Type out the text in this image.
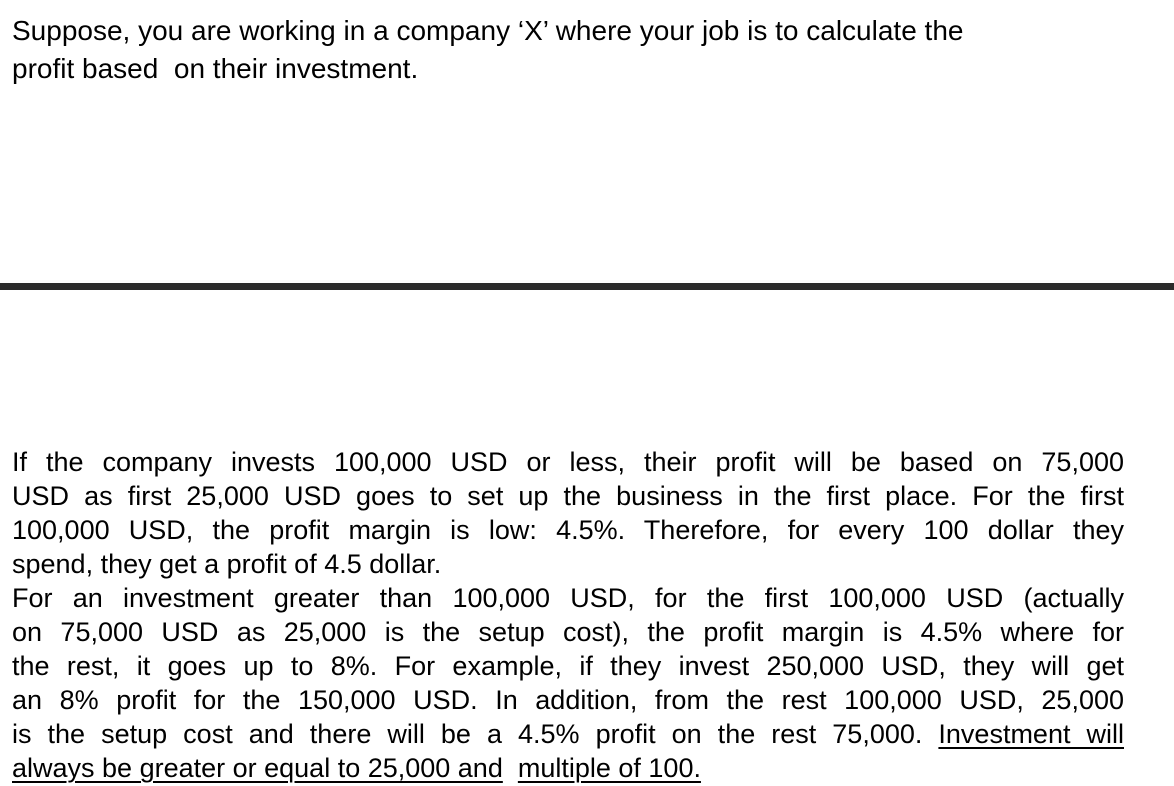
Suppose, you are working in a company ‘X’ where your job is to calculate the
profit based  on their investment.
If the company invests 100,000 USD or less, their profit will be based on 75,000
USD as first 25,000 USD goes to set up the business in the first place. For the first
100,000 USD, the profit margin is low: 4.5%. Therefore, for every 100 dollar they
spend, they get a profit of 4.5 dollar.
For an investment greater than 100,000 USD, for the first 100,000 USD (actually
on 75,000 USD as 25,000 is the setup cost), the profit margin is 4.5% where for
the rest, it goes up to 8%. For example, if they invest 250,000 USD, they will get
an 8% profit for the 150,000 USD. In addition, from the rest 100,000 USD, 25,000
is the setup cost and there will be a 4.5% profit on the rest 75,000. Investment will
always be greater or equal to 25,000 and multiple of 100.
